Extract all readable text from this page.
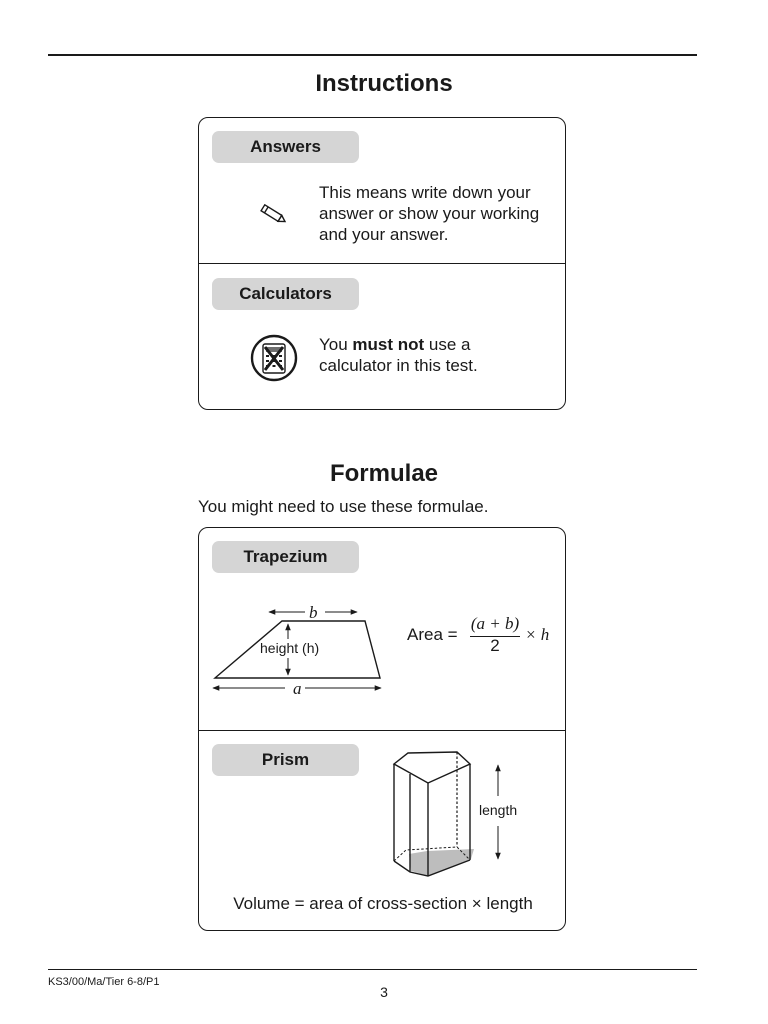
Instructions
Answers
This means write down your answer or show your working and your answer.
Calculators
You must not use a calculator in this test.
Formulae
You might need to use these formulae.
Trapezium
b
height (h)
a
Area =
(a + b)
2
× h
Prism
length
Volume = area of cross-section × length
KS3/00/Ma/Tier 6-8/P1
3
